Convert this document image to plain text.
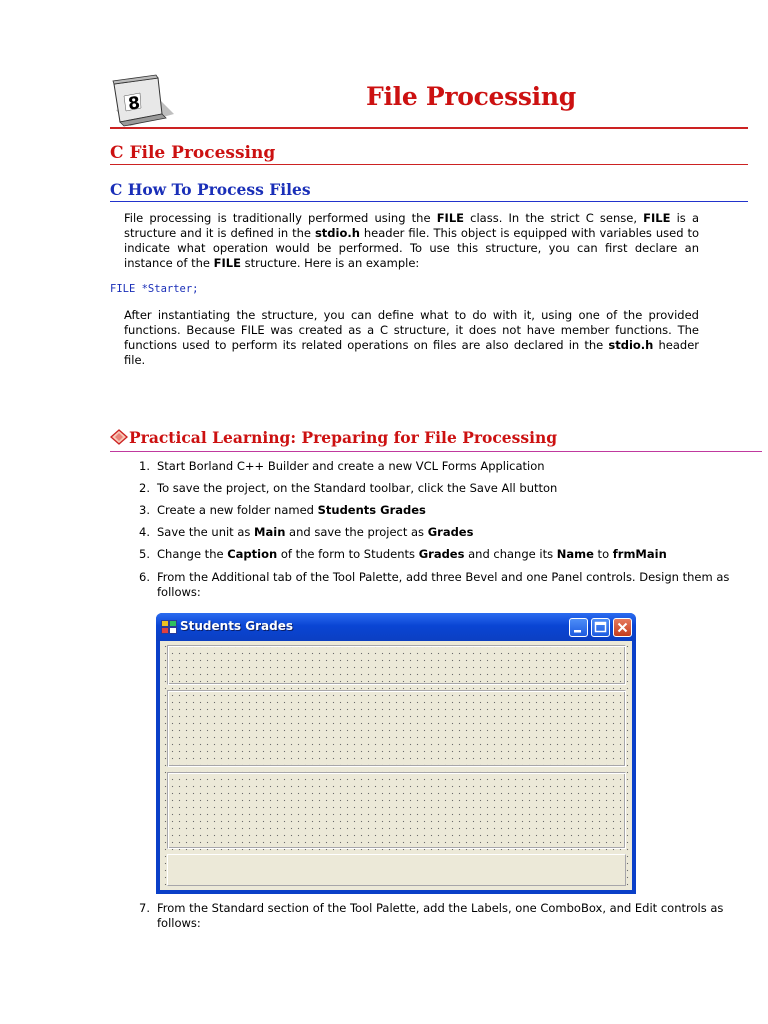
8	File Processing
C File Processing
C How To Process Files

File processing is traditionally performed using the FILE class. In the strict C sense, FILE is a structure and it is defined in the stdio.h header file. This object is equipped with variables used to indicate what operation would be performed. To use this structure, you can first declare an instance of the FILE structure. Here is an example:

FILE *Starter;

After instantiating the structure, you can define what to do with it, using one of the provided functions. Because FILE was created as a C structure, it does not have member functions. The functions used to perform its related operations on files are also declared in the stdio.h header file.

Practical Learning: Preparing for File Processing
1. Start Borland C++ Builder and create a new VCL Forms Application
2. To save the project, on the Standard toolbar, click the Save All button
3. Create a new folder named Students Grades
4. Save the unit as Main and save the project as Grades
5. Change the Caption of the form to Students Grades and change its Name to frmMain
6. From the Additional tab of the Tool Palette, add three Bevel and one Panel controls. Design them as follows:
7. From the Standard section of the Tool Palette, add the Labels, one ComboBox, and Edit controls as follows:
Students Grades
